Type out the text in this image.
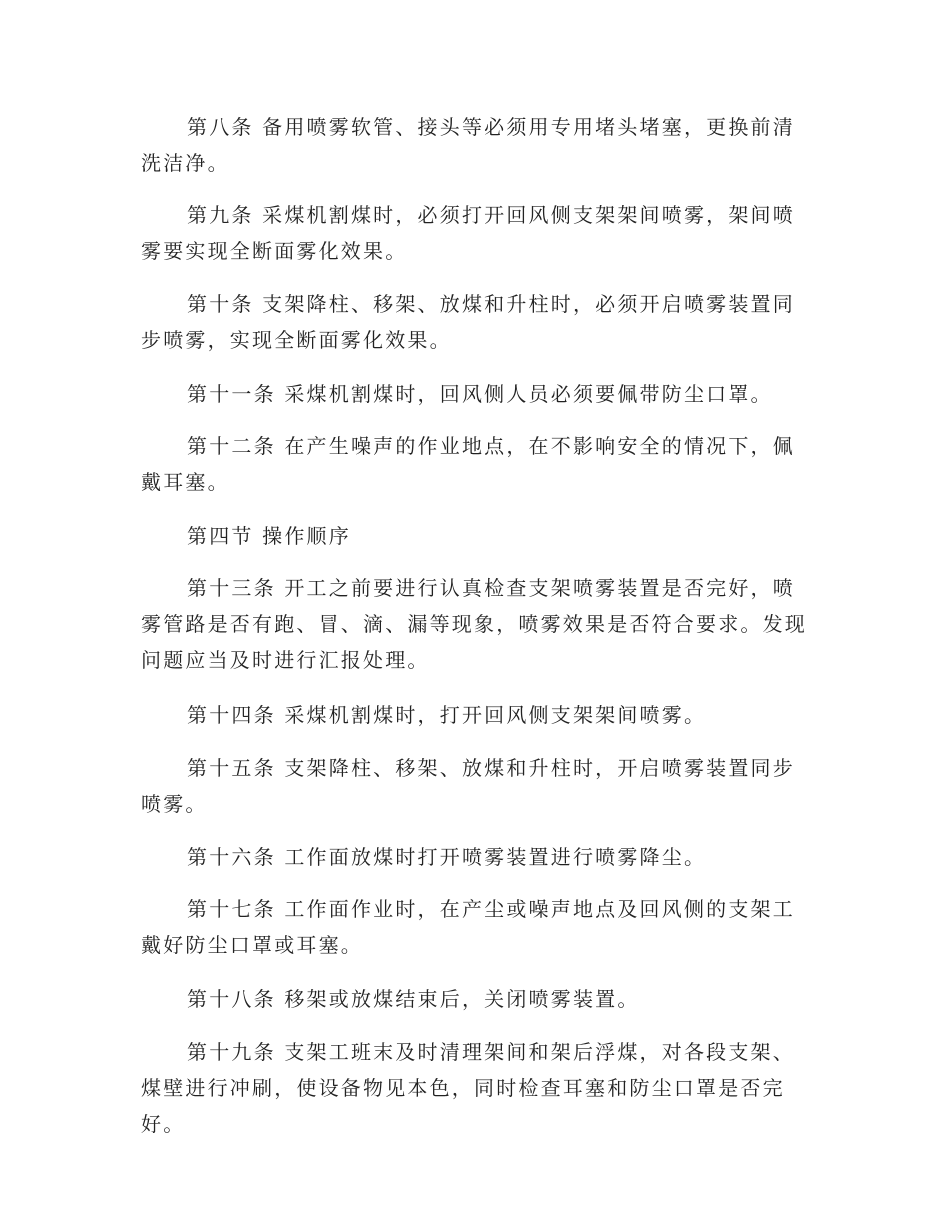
第八条 备用喷雾软管、接头等必须用专用堵头堵塞，更换前清洗洁净。

第九条 采煤机割煤时，必须打开回风侧支架架间喷雾，架间喷雾要实现全断面雾化效果。

第十条 支架降柱、移架、放煤和升柱时，必须开启喷雾装置同步喷雾，实现全断面雾化效果。

第十一条 采煤机割煤时，回风侧人员必须要佩带防尘口罩。

第十二条 在产生噪声的作业地点，在不影响安全的情况下，佩戴耳塞。

第四节 操作顺序

第十三条 开工之前要进行认真检查支架喷雾装置是否完好，喷雾管路是否有跑、冒、滴、漏等现象，喷雾效果是否符合要求。发现问题应当及时进行汇报处理。

第十四条 采煤机割煤时，打开回风侧支架架间喷雾。

第十五条 支架降柱、移架、放煤和升柱时，开启喷雾装置同步喷雾。

第十六条 工作面放煤时打开喷雾装置进行喷雾降尘。

第十七条 工作面作业时，在产尘或噪声地点及回风侧的支架工戴好防尘口罩或耳塞。

第十八条 移架或放煤结束后，关闭喷雾装置。

第十九条 支架工班末及时清理架间和架后浮煤，对各段支架、煤壁进行冲刷，使设备物见本色，同时检查耳塞和防尘口罩是否完好。
